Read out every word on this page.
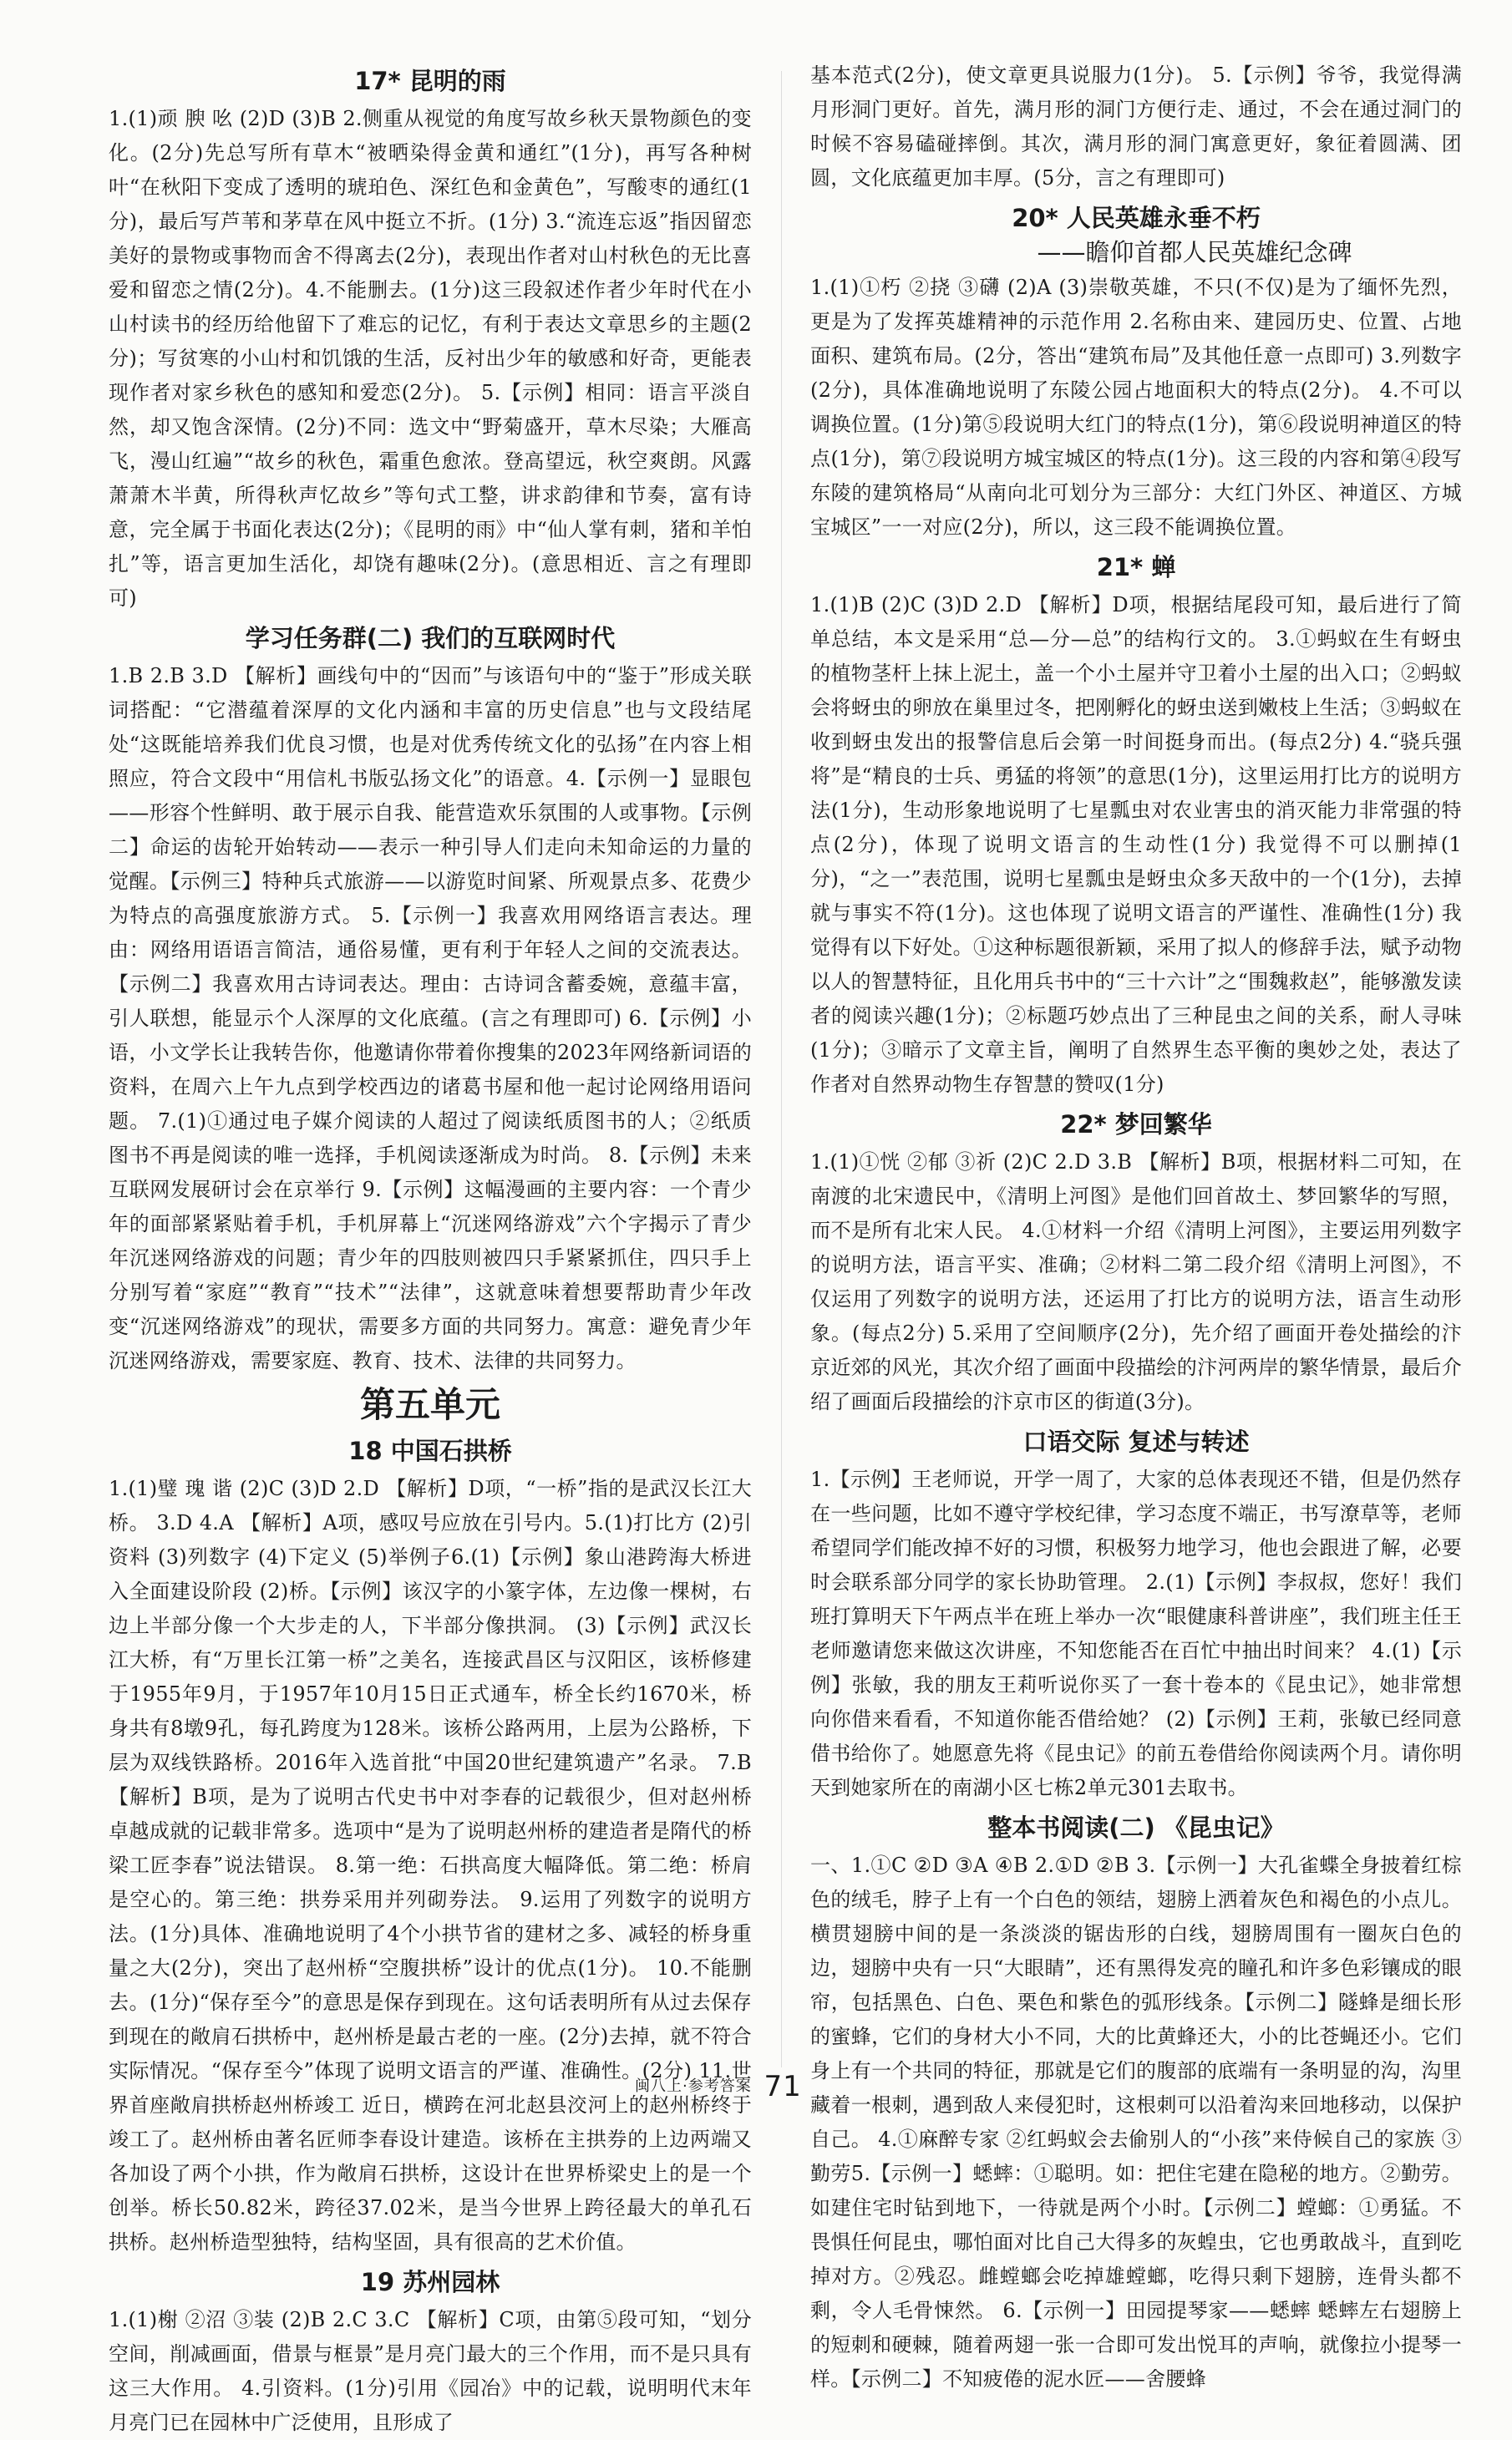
17* 昆明的雨

1.(1)顽 腴 吆 (2)D (3)B 2.侧重从视觉的角度写故乡秋天景物颜色的变化。(2分)先总写所有草木“被晒染得金黄和通红”(1分)，再写各种树叶“在秋阳下变成了透明的琥珀色、深红色和金黄色”，写酸枣的通红(1分)，最后写芦苇和茅草在风中挺立不折。(1分) 3.“流连忘返”指因留恋美好的景物或事物而舍不得离去(2分)，表现出作者对山村秋色的无比喜爱和留恋之情(2分)。4.不能删去。(1分)这三段叙述作者少年时代在小山村读书的经历给他留下了难忘的记忆，有利于表达文章思乡的主题(2分)；写贫寒的小山村和饥饿的生活，反衬出少年的敏感和好奇，更能表现作者对家乡秋色的感知和爱恋(2分)。 5.【示例】相同：语言平淡自然，却又饱含深情。(2分)不同：选文中“野菊盛开，草木尽染；大雁高飞，漫山红遍”“故乡的秋色，霜重色愈浓。登高望远，秋空爽朗。风露萧萧木半黄，所得秋声忆故乡”等句式工整，讲求韵律和节奏，富有诗意，完全属于书面化表达(2分)；《昆明的雨》中“仙人掌有刺，猪和羊怕扎”等，语言更加生活化，却饶有趣味(2分)。(意思相近、言之有理即可)

学习任务群(二) 我们的互联网时代

1.B 2.B 3.D 【解析】画线句中的“因而”与该语句中的“鉴于”形成关联词搭配：“它潜蕴着深厚的文化内涵和丰富的历史信息”也与文段结尾处“这既能培养我们优良习惯，也是对优秀传统文化的弘扬”在内容上相照应，符合文段中“用信札书版弘扬文化”的语意。4.【示例一】显眼包——形容个性鲜明、敢于展示自我、能营造欢乐氛围的人或事物。【示例二】命运的齿轮开始转动——表示一种引导人们走向未知命运的力量的觉醒。【示例三】特种兵式旅游——以游览时间紧、所观景点多、花费少为特点的高强度旅游方式。 5.【示例一】我喜欢用网络语言表达。理由：网络用语语言简洁，通俗易懂，更有利于年轻人之间的交流表达。 【示例二】我喜欢用古诗词表达。理由：古诗词含蓄委婉，意蕴丰富，引人联想，能显示个人深厚的文化底蕴。(言之有理即可) 6.【示例】小语，小文学长让我转告你，他邀请你带着你搜集的2023年网络新词语的资料，在周六上午九点到学校西边的诸葛书屋和他一起讨论网络用语问题。 7.(1)①通过电子媒介阅读的人超过了阅读纸质图书的人；②纸质图书不再是阅读的唯一选择，手机阅读逐渐成为时尚。 8.【示例】未来互联网发展研讨会在京举行 9.【示例】这幅漫画的主要内容：一个青少年的面部紧紧贴着手机，手机屏幕上“沉迷网络游戏”六个字揭示了青少年沉迷网络游戏的问题；青少年的四肢则被四只手紧紧抓住，四只手上分别写着“家庭”“教育”“技术”“法律”，这就意味着想要帮助青少年改变“沉迷网络游戏”的现状，需要多方面的共同努力。寓意：避免青少年沉迷网络游戏，需要家庭、教育、技术、法律的共同努力。

第五单元
18 中国石拱桥

1.(1)璧 瑰 谐 (2)C (3)D 2.D 【解析】D项，“一桥”指的是武汉长江大桥。 3.D 4.A 【解析】A项，感叹号应放在引号内。5.(1)打比方 (2)引资料 (3)列数字 (4)下定义 (5)举例子6.(1)【示例】象山港跨海大桥进入全面建设阶段 (2)桥。【示例】该汉字的小篆字体，左边像一棵树，右边上半部分像一个大步走的人，下半部分像拱洞。 (3)【示例】武汉长江大桥，有“万里长江第一桥”之美名，连接武昌区与汉阳区，该桥修建于1955年9月，于1957年10月15日正式通车，桥全长约1670米，桥身共有8墩9孔，每孔跨度为128米。该桥公路两用，上层为公路桥，下层为双线铁路桥。2016年入选首批“中国20世纪建筑遗产”名录。 7.B 【解析】B项，是为了说明古代史书中对李春的记载很少，但对赵州桥卓越成就的记载非常多。选项中“是为了说明赵州桥的建造者是隋代的桥梁工匠李春”说法错误。 8.第一绝：石拱高度大幅降低。第二绝：桥肩是空心的。第三绝：拱券采用并列砌券法。 9.运用了列数字的说明方法。(1分)具体、准确地说明了4个小拱节省的建材之多、减轻的桥身重量之大(2分)，突出了赵州桥“空腹拱桥”设计的优点(1分)。 10.不能删去。(1分)“保存至今”的意思是保存到现在。这句话表明所有从过去保存到现在的敞肩石拱桥中，赵州桥是最古老的一座。(2分)去掉，就不符合实际情况。“保存至今”体现了说明文语言的严谨、准确性。(2分) 11.世界首座敞肩拱桥赵州桥竣工 近日，横跨在河北赵县洨河上的赵州桥终于竣工了。赵州桥由著名匠师李春设计建造。该桥在主拱券的上边两端又各加设了两个小拱，作为敞肩石拱桥，这设计在世界桥梁史上的是一个创举。桥长50.82米，跨径37.02米，是当今世界上跨径最大的单孔石拱桥。赵州桥造型独特，结构坚固，具有很高的艺术价值。

19 苏州园林

1.(1)榭 ②沼 ③装 (2)B 2.C 3.C 【解析】C项，由第⑤段可知，“划分空间，削减画面，借景与框景”是月亮门最大的三个作用，而不是只具有这三大作用。 4.引资料。(1分)引用《园冶》中的记载，说明明代末年月亮门已在园林中广泛使用，且形成了

基本范式(2分)，使文章更具说服力(1分)。 5.【示例】爷爷，我觉得满月形洞门更好。首先，满月形的洞门方便行走、通过，不会在通过洞门的时候不容易磕碰摔倒。其次，满月形的洞门寓意更好，象征着圆满、团圆，文化底蕴更加丰厚。(5分，言之有理即可)

20* 人民英雄永垂不朽
——瞻仰首都人民英雄纪念碑

1.(1)①朽 ②挠 ③礴 (2)A (3)崇敬英雄，不只(不仅)是为了缅怀先烈，更是为了发挥英雄精神的示范作用 2.名称由来、建园历史、位置、占地面积、建筑布局。(2分，答出“建筑布局”及其他任意一点即可) 3.列数字(2分)，具体准确地说明了东陵公园占地面积大的特点(2分)。 4.不可以调换位置。(1分)第⑤段说明大红门的特点(1分)，第⑥段说明神道区的特点(1分)，第⑦段说明方城宝城区的特点(1分)。这三段的内容和第④段写东陵的建筑格局“从南向北可划分为三部分：大红门外区、神道区、方城宝城区”一一对应(2分)，所以，这三段不能调换位置。

21* 蝉

1.(1)B (2)C (3)D 2.D 【解析】D项，根据结尾段可知，最后进行了简单总结，本文是采用“总—分—总”的结构行文的。 3.①蚂蚁在生有蚜虫的植物茎杆上抹上泥土，盖一个小土屋并守卫着小土屋的出入口；②蚂蚁会将蚜虫的卵放在巢里过冬，把刚孵化的蚜虫送到嫩枝上生活；③蚂蚁在收到蚜虫发出的报警信息后会第一时间挺身而出。(每点2分) 4.“骁兵强将”是“精良的士兵、勇猛的将领”的意思(1分)，这里运用打比方的说明方法(1分)，生动形象地说明了七星瓢虫对农业害虫的消灭能力非常强的特点(2分)，体现了说明文语言的生动性(1分) 我觉得不可以删掉(1分)，“之一”表范围，说明七星瓢虫是蚜虫众多天敌中的一个(1分)，去掉就与事实不符(1分)。这也体现了说明文语言的严谨性、准确性(1分) 我觉得有以下好处。①这种标题很新颖，采用了拟人的修辞手法，赋予动物以人的智慧特征，且化用兵书中的“三十六计”之“围魏救赵”，能够激发读者的阅读兴趣(1分)；②标题巧妙点出了三种昆虫之间的关系，耐人寻味(1分)；③暗示了文章主旨，阐明了自然界生态平衡的奥妙之处，表达了作者对自然界动物生存智慧的赞叹(1分)

22* 梦回繁华

1.(1)①恍 ②郁 ③祈 (2)C 2.D 3.B 【解析】B项，根据材料二可知，在南渡的北宋遗民中，《清明上河图》是他们回首故土、梦回繁华的写照，而不是所有北宋人民。 4.①材料一介绍《清明上河图》，主要运用列数字的说明方法，语言平实、准确；②材料二第二段介绍《清明上河图》，不仅运用了列数字的说明方法，还运用了打比方的说明方法，语言生动形象。(每点2分) 5.采用了空间顺序(2分)，先介绍了画面开卷处描绘的汴京近郊的风光，其次介绍了画面中段描绘的汴河两岸的繁华情景，最后介绍了画面后段描绘的汴京市区的街道(3分)。

口语交际 复述与转述

1.【示例】王老师说，开学一周了，大家的总体表现还不错，但是仍然存在一些问题，比如不遵守学校纪律，学习态度不端正，书写潦草等，老师希望同学们能改掉不好的习惯，积极努力地学习，他也会跟进了解，必要时会联系部分同学的家长协助管理。 2.(1)【示例】李叔叔，您好！我们班打算明天下午两点半在班上举办一次“眼健康科普讲座”，我们班主任王老师邀请您来做这次讲座，不知您能否在百忙中抽出时间来？ 4.(1)【示例】张敏，我的朋友王莉听说你买了一套十卷本的《昆虫记》，她非常想向你借来看看，不知道你能否借给她？ (2)【示例】王莉，张敏已经同意借书给你了。她愿意先将《昆虫记》的前五卷借给你阅读两个月。请你明天到她家所在的南湖小区七栋2单元301去取书。

整本书阅读(二) 《昆虫记》

一、1.①C ②D ③A ④B 2.①D ②B 3.【示例一】大孔雀蝶全身披着红棕色的绒毛，脖子上有一个白色的领结，翅膀上洒着灰色和褐色的小点儿。横贯翅膀中间的是一条淡淡的锯齿形的白线，翅膀周围有一圈灰白色的边，翅膀中央有一只“大眼睛”，还有黑得发亮的瞳孔和许多色彩镶成的眼帘，包括黑色、白色、栗色和紫色的弧形线条。【示例二】隧蜂是细长形的蜜蜂，它们的身材大小不同，大的比黄蜂还大，小的比苍蝇还小。它们身上有一个共同的特征，那就是它们的腹部的底端有一条明显的沟，沟里藏着一根刺，遇到敌人来侵犯时，这根刺可以沿着沟来回地移动，以保护自己。 4.①麻醉专家 ②红蚂蚁会去偷别人的“小孩”来侍候自己的家族 ③勤劳5.【示例一】蟋蟀：①聪明。如：把住宅建在隐秘的地方。②勤劳。如建住宅时钻到地下，一待就是两个小时。【示例二】螳螂：①勇猛。不畏惧任何昆虫，哪怕面对比自己大得多的灰蝗虫，它也勇敢战斗，直到吃掉对方。②残忍。雌螳螂会吃掉雄螳螂，吃得只剩下翅膀，连骨头都不剩，令人毛骨悚然。 6.【示例一】田园提琴家——蟋蟀 蟋蟀左右翅膀上的短刺和硬棘，随着两翅一张一合即可发出悦耳的声响，就像拉小提琴一样。【示例二】不知疲倦的泥水匠——舍腰蜂

闽八上·参考答案 71
